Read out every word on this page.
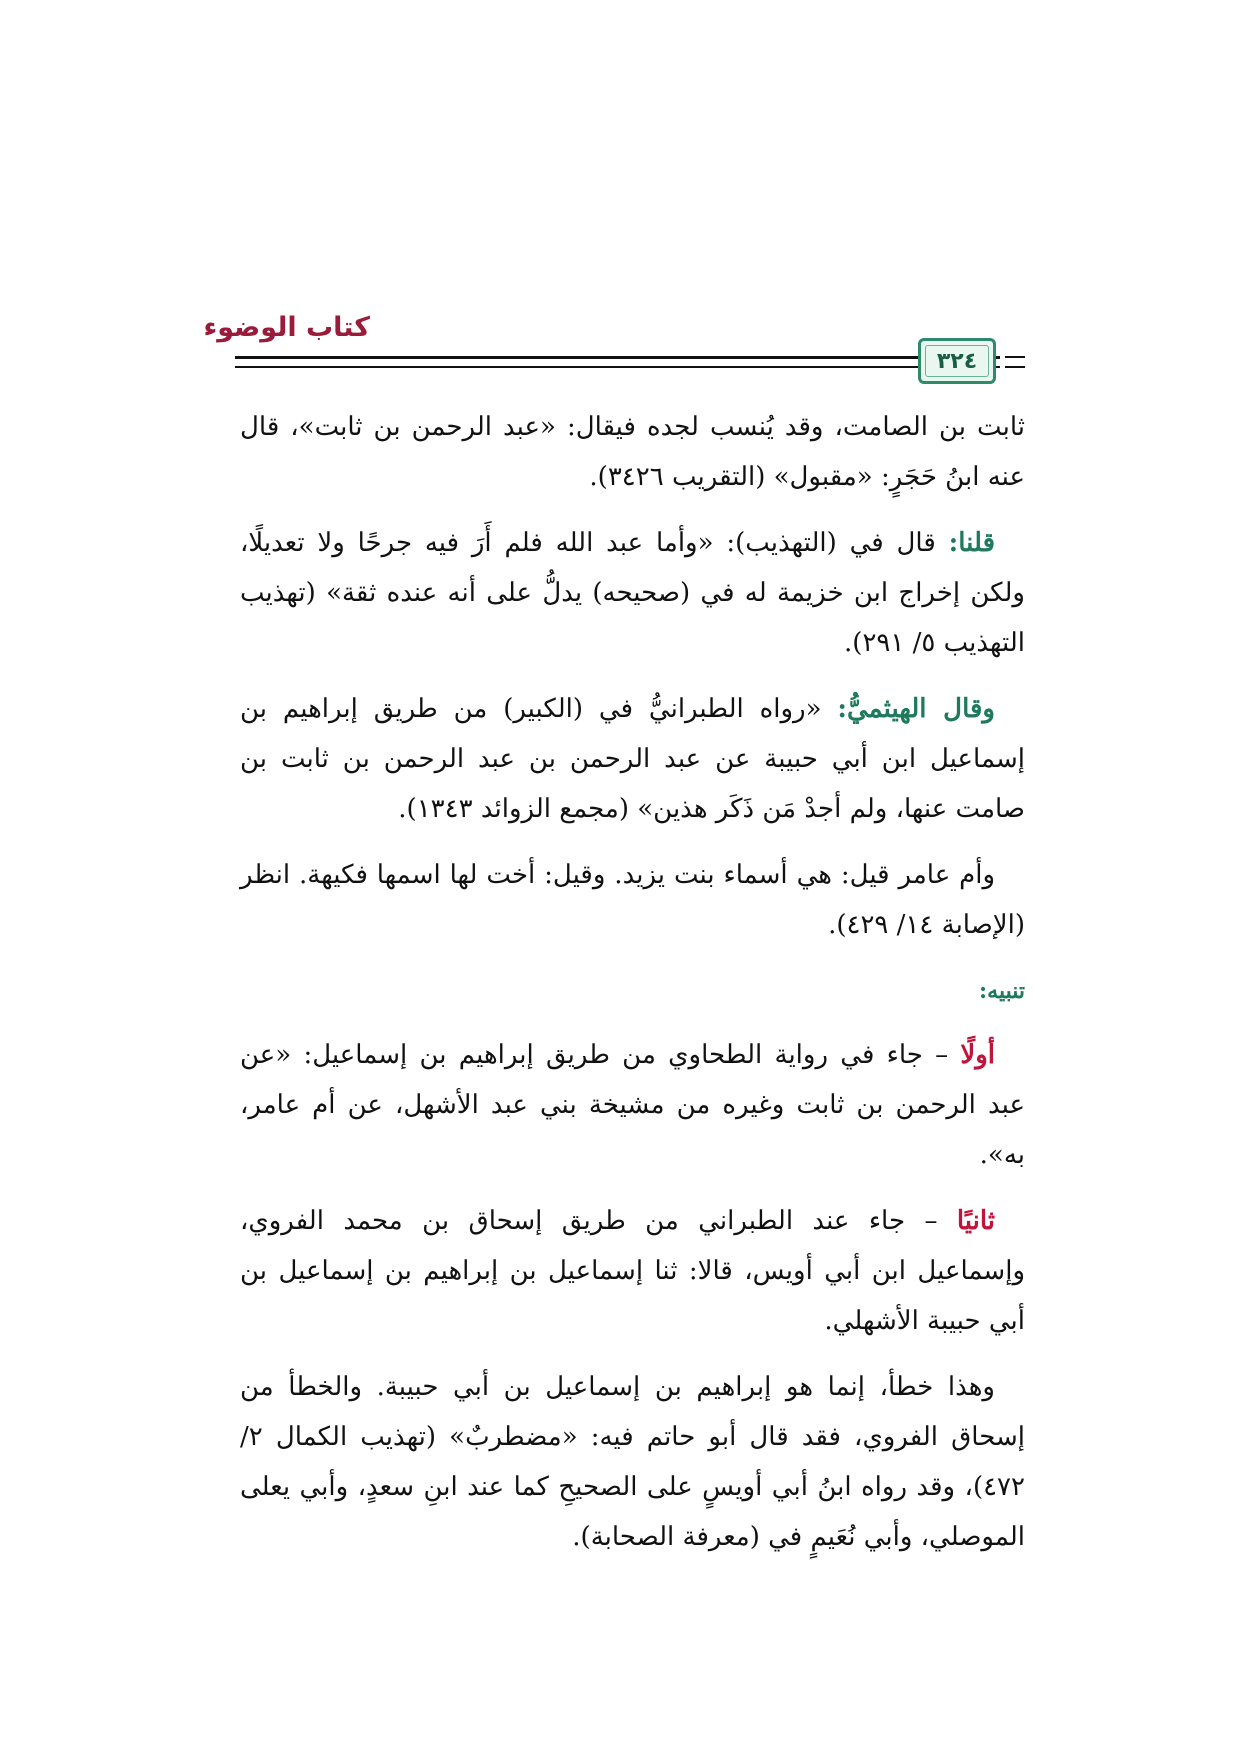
كتاب الوضوء
٣٢٤

ثابت بن الصامت، وقد يُنسب لجده فيقال: «عبد الرحمن بن ثابت»، قال عنه ابنُ حَجَرٍ: «مقبول» (التقريب ٣٤٢٦).

قلنا: قال في (التهذيب): «وأما عبد الله فلم أَرَ فيه جرحًا ولا تعديلًا، ولكن إخراج ابن خزيمة له في (صحيحه) يدلُّ على أنه عنده ثقة» (تهذيب التهذيب ٥/ ٢٩١).

وقال الهيثميُّ: «رواه الطبرانيُّ في (الكبير) من طريق إبراهيم بن إسماعيل ابن أبي حبيبة عن عبد الرحمن بن عبد الرحمن بن ثابت بن صامت عنها، ولم أجدْ مَن ذَكَر هذين» (مجمع الزوائد ١٣٤٣).

وأم عامر قيل: هي أسماء بنت يزيد. وقيل: أخت لها اسمها فكيهة. انظر (الإصابة ١٤/ ٤٢٩).

تنبيه:

أولًا – جاء في رواية الطحاوي من طريق إبراهيم بن إسماعيل: «عن عبد الرحمن بن ثابت وغيره من مشيخة بني عبد الأشهل، عن أم عامر، به».

ثانيًا – جاء عند الطبراني من طريق إسحاق بن محمد الفروي، وإسماعيل ابن أبي أويس، قالا: ثنا إسماعيل بن إبراهيم بن إسماعيل بن أبي حبيبة الأشهلي.

وهذا خطأ، إنما هو إبراهيم بن إسماعيل بن أبي حبيبة. والخطأ من إسحاق الفروي، فقد قال أبو حاتم فيه: «مضطربٌ» (تهذيب الكمال ٢/ ٤٧٢)، وقد رواه ابنُ أبي أويسٍ على الصحيحِ كما عند ابنِ سعدٍ، وأبي يعلى الموصلي، وأبي نُعَيمٍ في (معرفة الصحابة).
